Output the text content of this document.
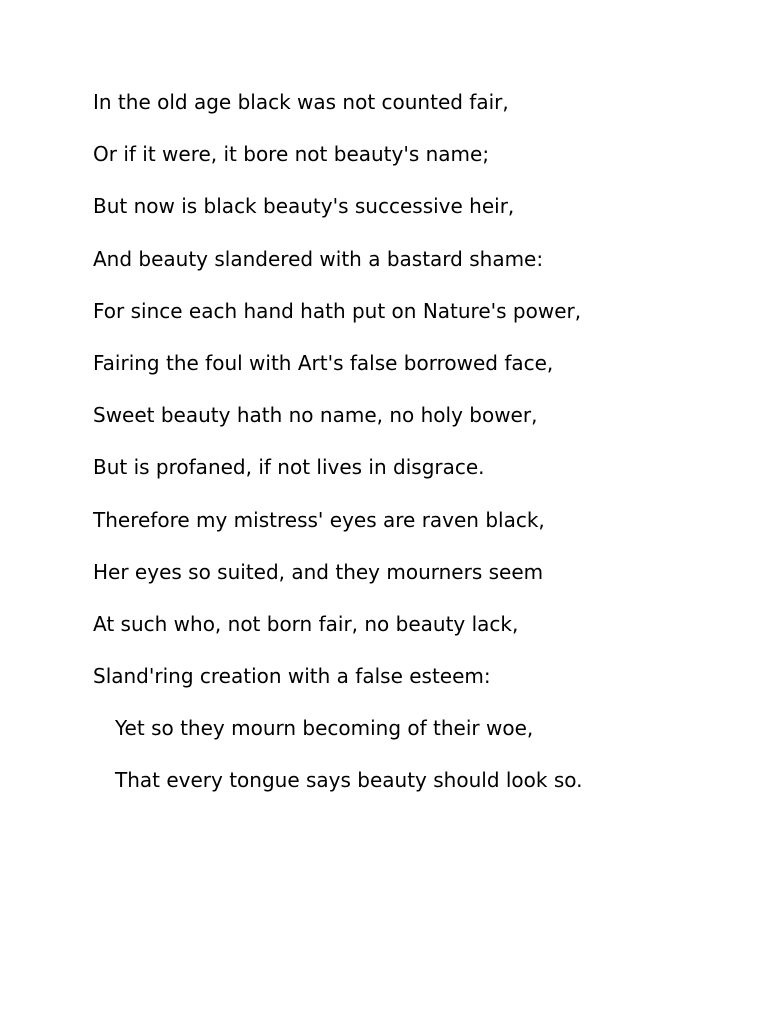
In the old age black was not counted fair,
Or if it were, it bore not beauty's name;
But now is black beauty's successive heir,
And beauty slandered with a bastard shame:
For since each hand hath put on Nature's power,
Fairing the foul with Art's false borrowed face,
Sweet beauty hath no name, no holy bower,
But is profaned, if not lives in disgrace.
Therefore my mistress' eyes are raven black,
Her eyes so suited, and they mourners seem
At such who, not born fair, no beauty lack,
Sland'ring creation with a false esteem:
Yet so they mourn becoming of their woe,
That every tongue says beauty should look so.
